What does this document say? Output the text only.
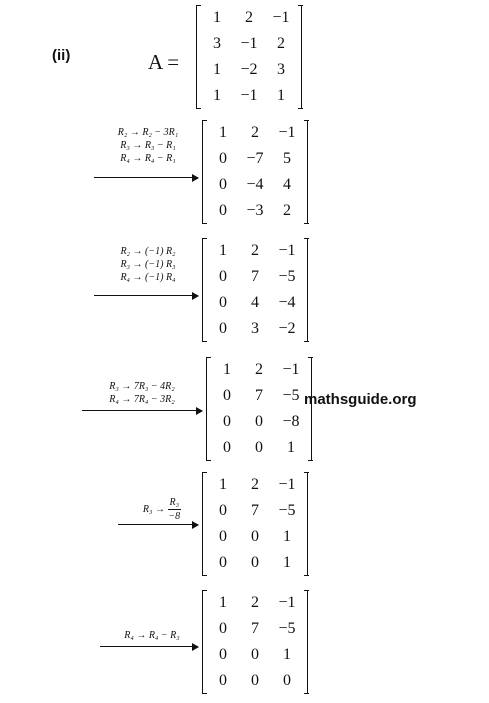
(ii)	A =
1	2	−1
3	−1	2
1	−2	3
1	−1	1
R₂ → R₂ − 3R₁
R₃ → R₃ − R₁
R₄ → R₄ − R₁
1	2	−1
0	−7	5
0	−4	4
0	−3	2
R₂ → (−1) R₂
R₃ → (−1) R₃
R₄ → (−1) R₄
1	2	−1
0	7	−5
0	4	−4
0	3	−2
R₃ → 7R₃ − 4R₂
R₄ → 7R₄ − 3R₂
1	2	−1
0	7	−5
0	0	−8
0	0	1
$R_3 \to \frac{\text{R₃}}{-8}$
1	2	−1
0	7	−5
0	0	1
0	0	1
R₄ → R₄ − R₃
1	2	−1
0	7	−5
0	0	1
0	0	0
mathsguide.org
